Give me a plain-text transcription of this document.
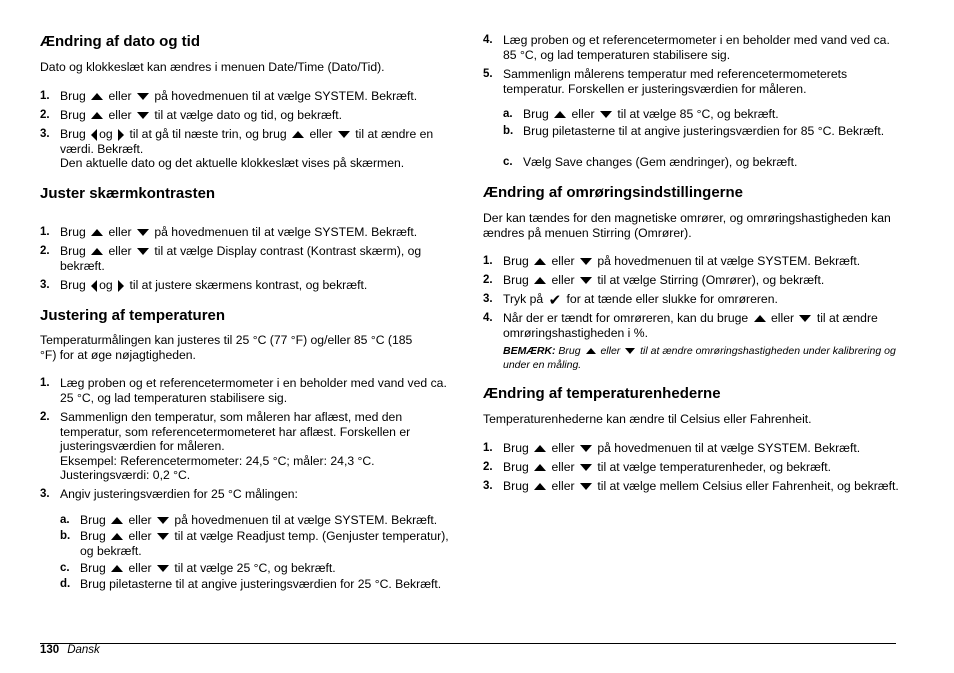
Ændring af dato og tid

Dato og klokkeslæt kan ændres i menuen Date/Time (Dato/Tid).

1. Brug eller på hovedmenuen til at vælge SYSTEM. Bekræft.
2. Brug eller til at vælge dato og tid, og bekræft.
3. Brug og til at gå til næste trin, og brug eller til at ændre en værdi. Bekræft.
Den aktuelle dato og det aktuelle klokkeslæt vises på skærmen.
Juster skærmkontrasten
1. Brug eller på hovedmenuen til at vælge SYSTEM. Bekræft.
2. Brug eller til at vælge Display contrast (Kontrast skærm), og bekræft.
3. Brug og til at justere skærmens kontrast, og bekræft.
Justering af temperaturen

Temperaturmålingen kan justeres til 25 °C (77 °F) og/eller 85 °C (185 °F) for at øge nøjagtigheden.

1. Læg proben og et referencetermometer i en beholder med vand ved ca. 25 °C, og lad temperaturen stabilisere sig.
2. Sammenlign den temperatur, som måleren har aflæst, med den temperatur, som referencetermometeret har aflæst. Forskellen er justeringsværdien for måleren.
Eksempel: Referencetermometer: 24,5 °C; måler: 24,3 °C.
Justeringsværdi: 0,2 °C.
3. Angiv justeringsværdien for 25 °C målingen:
a. Brug eller på hovedmenuen til at vælge SYSTEM. Bekræft.
b. Brug eller til at vælge Readjust temp. (Genjuster temperatur), og bekræft.
c. Brug eller til at vælge 25 °C, og bekræft.
d. Brug piletasterne til at angive justeringsværdien for 25 °C. Bekræft.
4. Læg proben og et referencetermometer i en beholder med vand ved ca. 85 °C, og lad temperaturen stabilisere sig.
5. Sammenlign målerens temperatur med referencetermometerets temperatur. Forskellen er justeringsværdien for måleren.
a. Brug eller til at vælge 85 °C, og bekræft.
b. Brug piletasterne til at angive justeringsværdien for 85 °C. Bekræft.
c. Vælg Save changes (Gem ændringer), og bekræft.
Ændring af omrøringsindstillingerne

Der kan tændes for den magnetiske omrører, og omrøringshastigheden kan ændres på menuen Stirring (Omrører).

1. Brug eller på hovedmenuen til at vælge SYSTEM. Bekræft.
2. Brug eller til at vælge Stirring (Omrører), og bekræft.
3. Tryk på ✔ for at tænde eller slukke for omrøreren.
4. Når der er tændt for omrøreren, kan du bruge eller til at ændre omrøringshastigheden i %.
BEMÆRK: Brug eller til at ændre omrøringshastigheden under kalibrering og under en måling.
Ændring af temperaturenhederne

Temperaturenhederne kan ændre til Celsius eller Fahrenheit.

1. Brug eller på hovedmenuen til at vælge SYSTEM. Bekræft.
2. Brug eller til at vælge temperaturenheder, og bekræft.
3. Brug eller til at vælge mellem Celsius eller Fahrenheit, og bekræft.
130 Dansk
